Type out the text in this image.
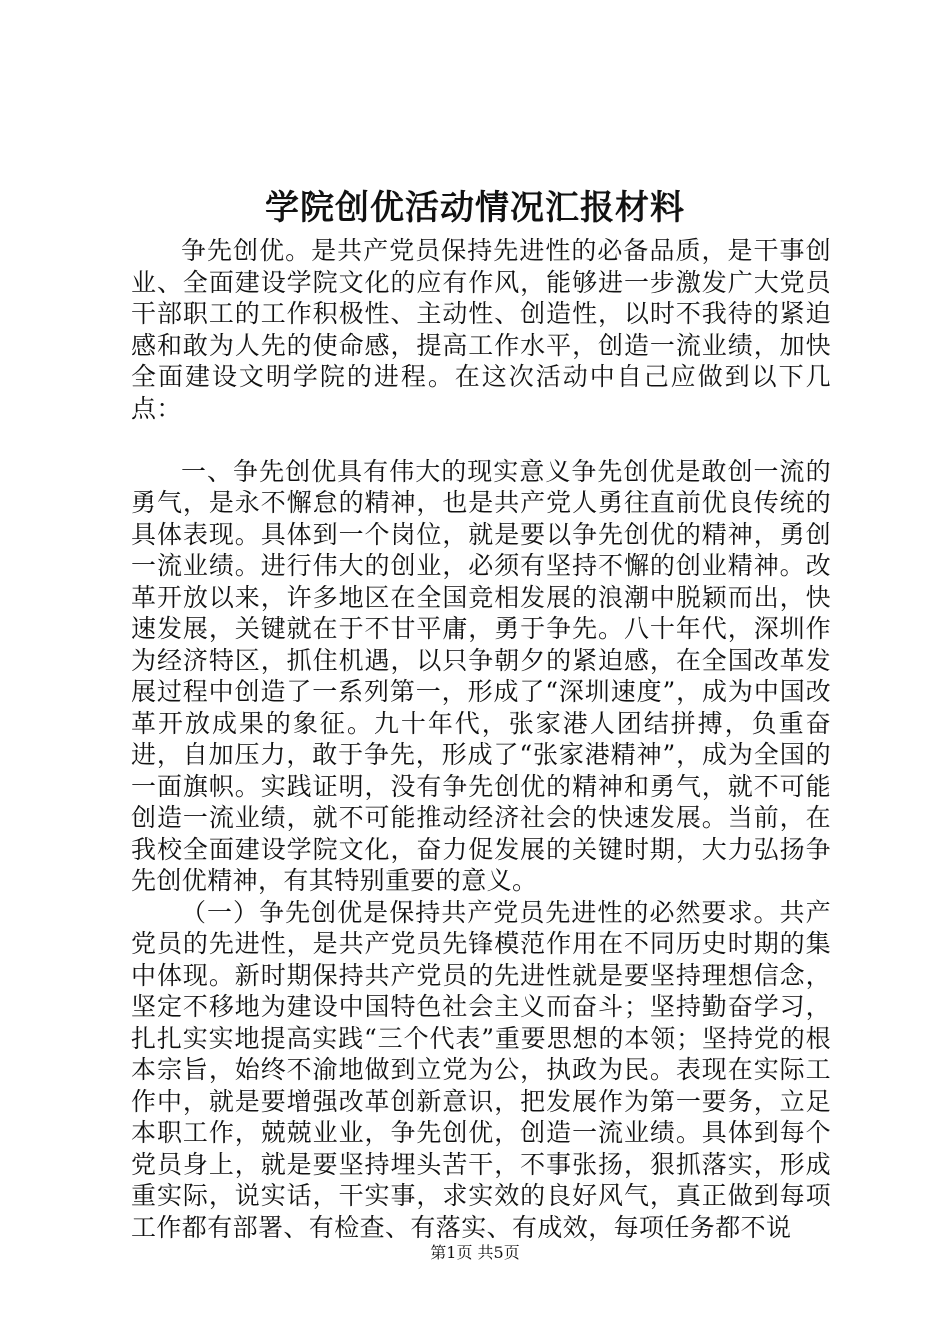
学院创优活动情况汇报材料

争先创优。是共产党员保持先进性的必备品质，是干事创业、全面建设学院文化的应有作风，能够进一步激发广大党员干部职工的工作积极性、主动性、创造性，以时不我待的紧迫感和敢为人先的使命感，提高工作水平，创造一流业绩，加快全面建设文明学院的进程。在这次活动中自己应做到以下几点：

一、争先创优具有伟大的现实意义争先创优是敢创一流的勇气，是永不懈怠的精神，也是共产党人勇往直前优良传统的具体表现。具体到一个岗位，就是要以争先创优的精神，勇创一流业绩。进行伟大的创业，必须有坚持不懈的创业精神。改革开放以来，许多地区在全国竞相发展的浪潮中脱颖而出，快速发展，关键就在于不甘平庸，勇于争先。八十年代，深圳作为经济特区，抓住机遇，以只争朝夕的紧迫感，在全国改革发展过程中创造了一系列第一，形成了“深圳速度”，成为中国改革开放成果的象征。九十年代，张家港人团结拼搏，负重奋进，自加压力，敢于争先，形成了“张家港精神”，成为全国的一面旗帜。实践证明，没有争先创优的精神和勇气，就不可能创造一流业绩，就不可能推动经济社会的快速发展。当前，在我校全面建设学院文化，奋力促发展的关键时期，大力弘扬争先创优精神，有其特别重要的意义。

（一）争先创优是保持共产党员先进性的必然要求。共产党员的先进性，是共产党员先锋模范作用在不同历史时期的集中体现。新时期保持共产党员的先进性就是要坚持理想信念，坚定不移地为建设中国特色社会主义而奋斗；坚持勤奋学习，扎扎实实地提高实践“三个代表”重要思想的本领；坚持党的根本宗旨，始终不渝地做到立党为公，执政为民。表现在实际工作中，就是要增强改革创新意识，把发展作为第一要务，立足本职工作，兢兢业业，争先创优，创造一流业绩。具体到每个党员身上，就是要坚持埋头苦干，不事张扬，狠抓落实，形成重实际，说实话，干实事，求实效的良好风气，真正做到每项工作都有部署、有检查、有落实、有成效，每项任务都不说

第1页 共5页
